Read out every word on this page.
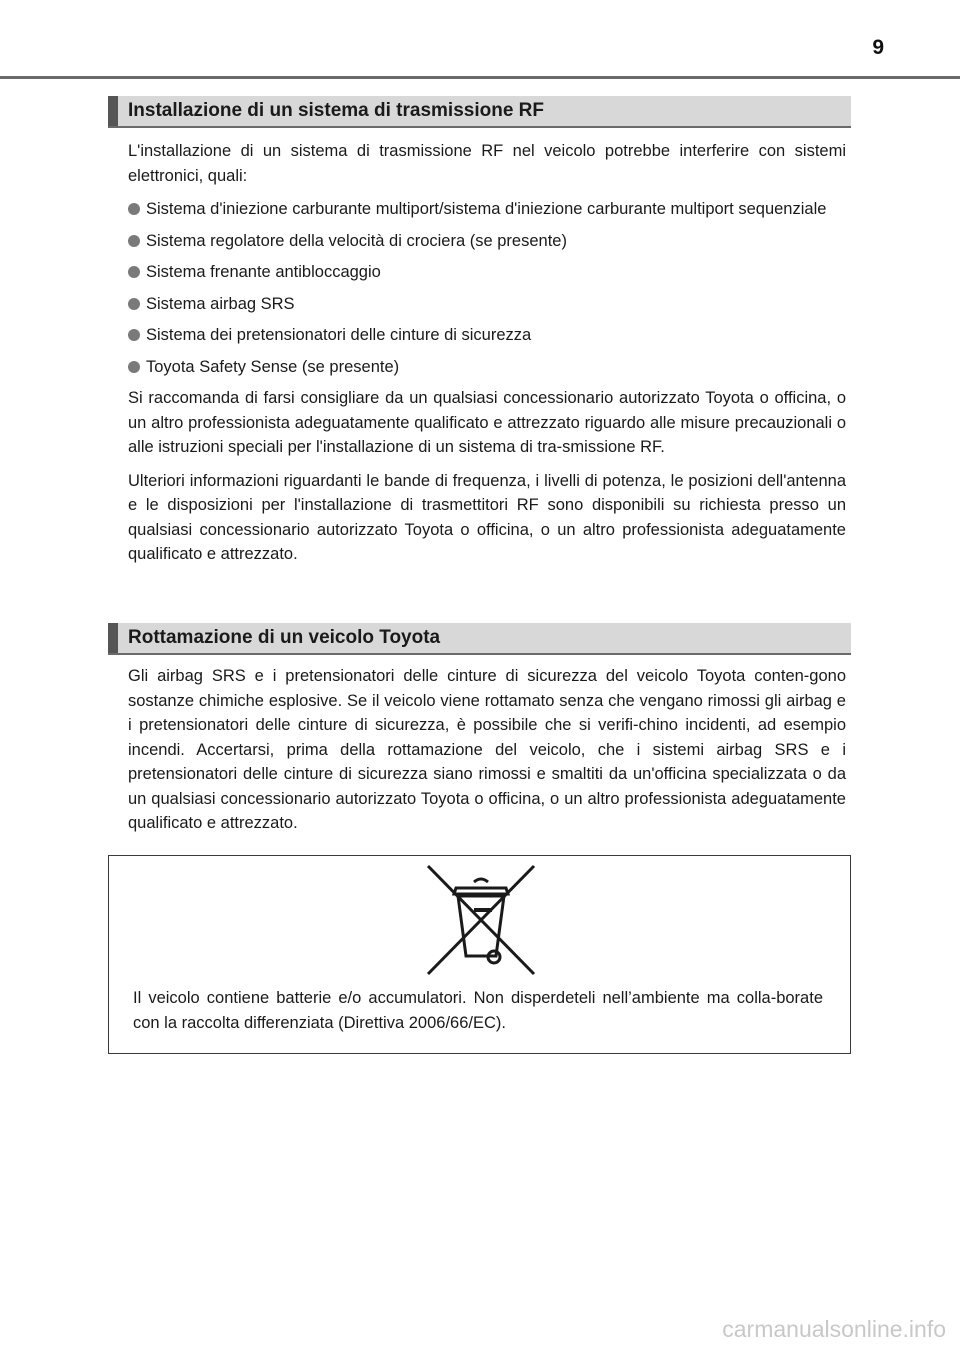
9
Installazione di un sistema di trasmissione RF

L'installazione di un sistema di trasmissione RF nel veicolo potrebbe interferire con sistemi elettronici, quali:

Sistema d'iniezione carburante multiport/sistema d'iniezione carburante multiport sequenziale
Sistema regolatore della velocità di crociera (se presente)
Sistema frenante antibloccaggio
Sistema airbag SRS
Sistema dei pretensionatori delle cinture di sicurezza
Toyota Safety Sense (se presente)

Si raccomanda di farsi consigliare da un qualsiasi concessionario autorizzato Toyota o officina, o un altro professionista adeguatamente qualificato e attrezzato riguardo alle misure precauzionali o alle istruzioni speciali per l'installazione di un sistema di tra-smissione RF.

Ulteriori informazioni riguardanti le bande di frequenza, i livelli di potenza, le posizioni dell'antenna e le disposizioni per l'installazione di trasmettitori RF sono disponibili su richiesta presso un qualsiasi concessionario autorizzato Toyota o officina, o un altro professionista adeguatamente qualificato e attrezzato.

Rottamazione di un veicolo Toyota

Gli airbag SRS e i pretensionatori delle cinture di sicurezza del veicolo Toyota conten-gono sostanze chimiche esplosive. Se il veicolo viene rottamato senza che vengano rimossi gli airbag e i pretensionatori delle cinture di sicurezza, è possibile che si verifi-chino incidenti, ad esempio incendi. Accertarsi, prima della rottamazione del veicolo, che i sistemi airbag SRS e i pretensionatori delle cinture di sicurezza siano rimossi e smaltiti da un'officina specializzata o da un qualsiasi concessionario autorizzato Toyota o officina, o un altro professionista adeguatamente qualificato e attrezzato.

Il veicolo contiene batterie e/o accumulatori. Non disperdeteli nell’ambiente ma colla-borate con la raccolta differenziata (Direttiva 2006/66/EC).
carmanualsonline.info
